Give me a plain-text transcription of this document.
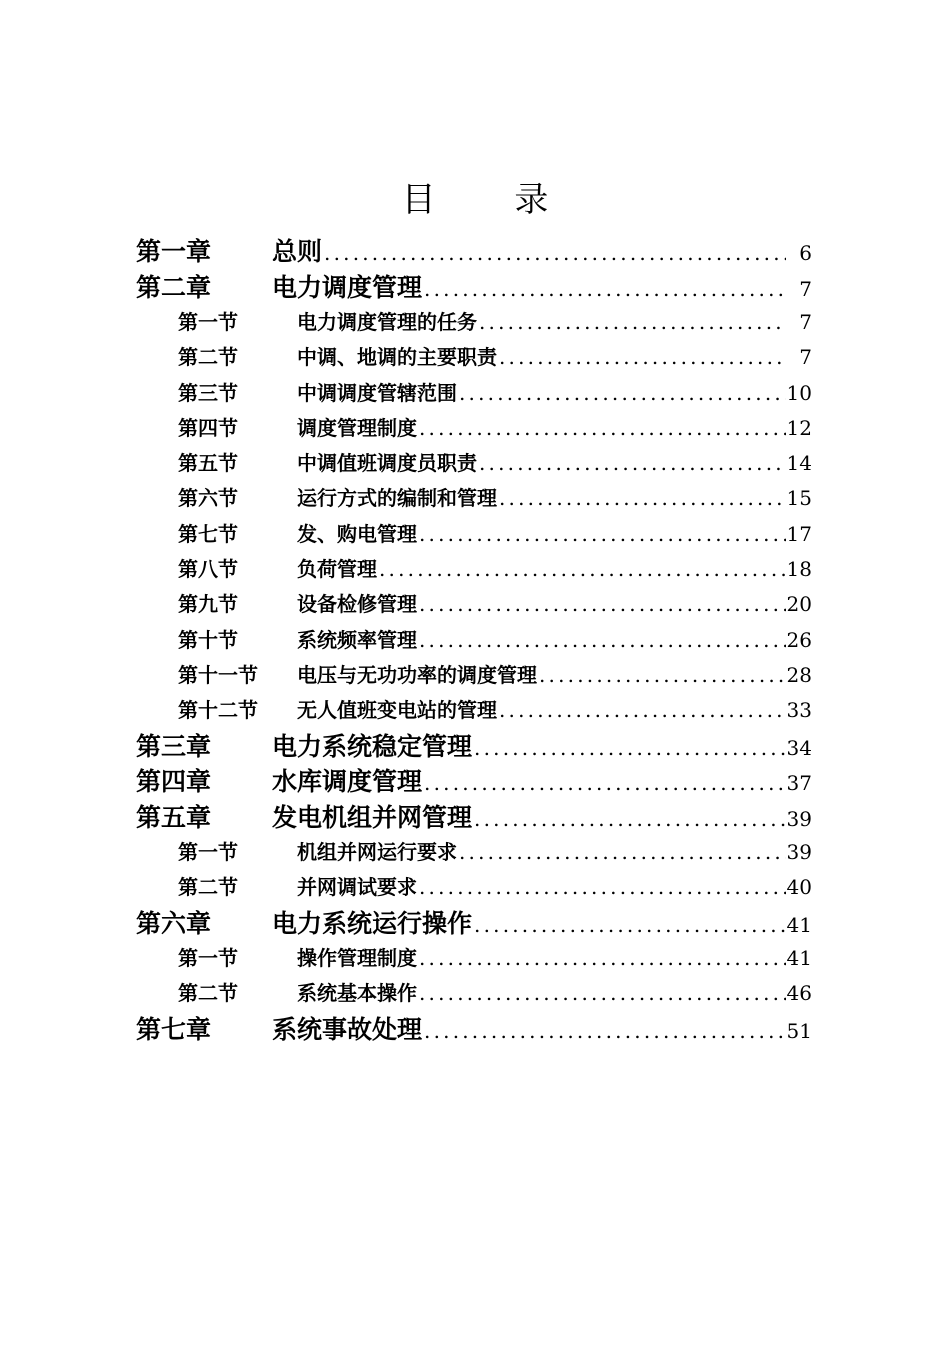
目 录
第一章	总则 .....	6
第二章	电力调度管理 .....	7
第一节	电力调度管理的任务 .....	7
第二节	中调、地调的主要职责 .....	7
第三节	中调调度管辖范围 .....	10
第四节	调度管理制度 .....	12
第五节	中调值班调度员职责 .....	14
第六节	运行方式的编制和管理 .....	15
第七节	发、购电管理 .....	17
第八节	负荷管理 .....	18
第九节	设备检修管理 .....	20
第十节	系统频率管理 .....	26
第十一节	电压与无功功率的调度管理 .....	28
第十二节	无人值班变电站的管理 .....	33
第三章	电力系统稳定管理 .....	34
第四章	水库调度管理 .....	37
第五章	发电机组并网管理 .....	39
第一节	机组并网运行要求 .....	39
第二节	并网调试要求 .....	40
第六章	电力系统运行操作 .....	41
第一节	操作管理制度 .....	41
第二节	系统基本操作 .....	46
第七章	系统事故处理 .....	51
